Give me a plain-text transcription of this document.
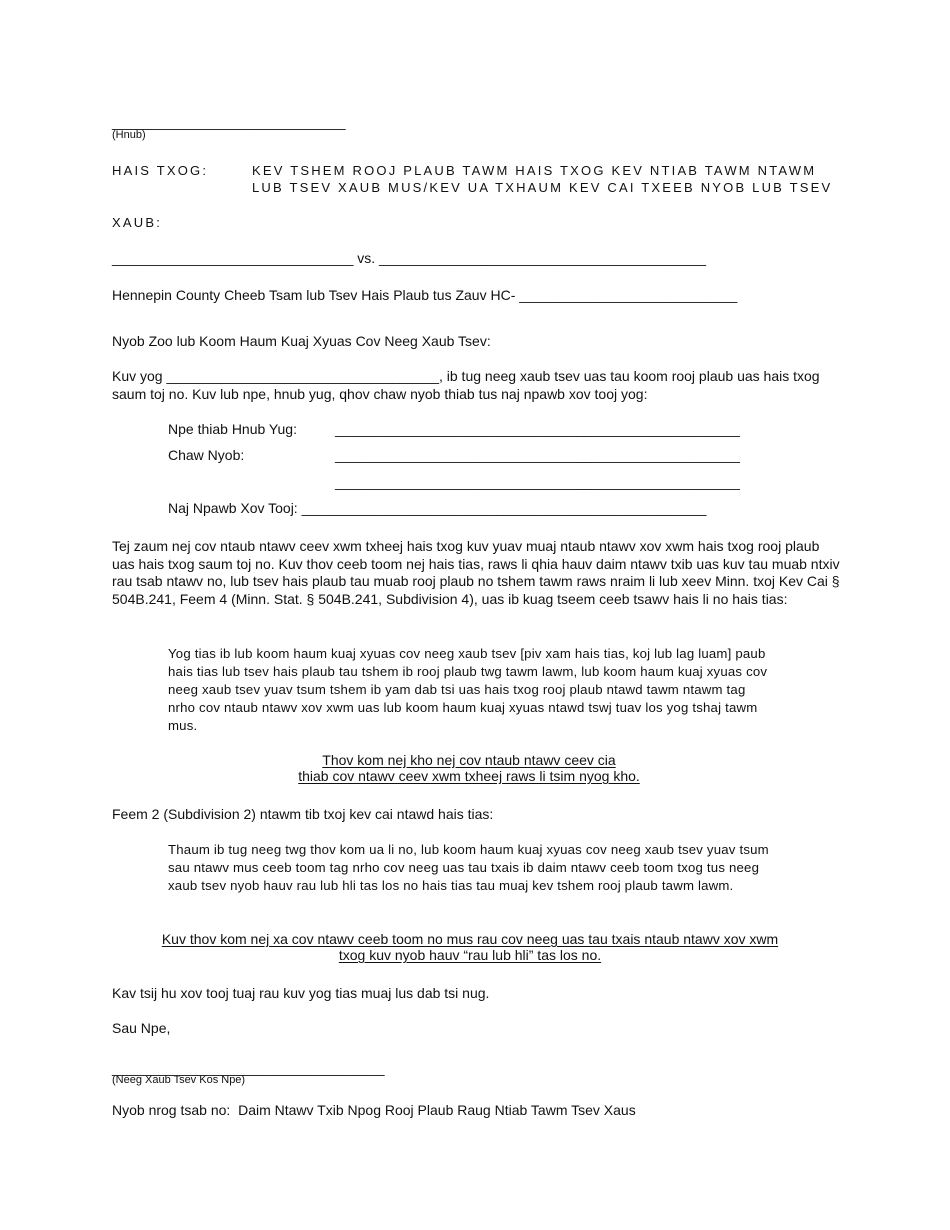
______________________________
(Hnub)
HAIS TXOG:	KEV TSHEM ROOJ PLAUB TAWM HAIS TXOG KEV NTIAB TAWM NTAWM
LUB TSEV XAUB MUS/KEV UA TXHAUM KEV CAI TXEEB NYOB LUB TSEV
XAUB:
_______________________________ vs. __________________________________________
Hennepin County Cheeb Tsam lub Tsev Hais Plaub tus Zauv HC- ____________________________
Nyob Zoo lub Koom Haum Kuaj Xyuas Cov Neeg Xaub Tsev:
Kuv yog ___________________________________, ib tug neeg xaub tsev uas tau koom rooj plaub uas hais txog saum toj no. Kuv lub npe, hnub yug, qhov chaw nyob thiab tus naj npawb xov tooj yog:
Npe thiab Hnub Yug:	____________________________________________________
Chaw Nyob:	____________________________________________________
____________________________________________________
Naj Npawb Xov Tooj: ____________________________________________________
Tej zaum nej cov ntaub ntawv ceev xwm txheej hais txog kuv yuav muaj ntaub ntawv xov xwm hais txog rooj plaub uas hais txog saum toj no. Kuv thov ceeb toom nej hais tias, raws li qhia hauv daim ntawv txib uas kuv tau muab ntxiv rau tsab ntawv no, lub tsev hais plaub tau muab rooj plaub no tshem tawm raws nraim li lub xeev Minn. txoj Kev Cai § 504B.241, Feem 4 (Minn. Stat. § 504B.241, Subdivision 4), uas ib kuag tseem ceeb tsawv hais li no hais tias:
Yog tias ib lub koom haum kuaj xyuas cov neeg xaub tsev [piv xam hais tias, koj lub lag luam] paub hais tias lub tsev hais plaub tau tshem ib rooj plaub twg tawm lawm, lub koom haum kuaj xyuas cov neeg xaub tsev yuav tsum tshem ib yam dab tsi uas hais txog rooj plaub ntawd tawm ntawm tag nrho cov ntaub ntawv xov xwm uas lub koom haum kuaj xyuas ntawd tswj tuav los yog tshaj tawm mus.
Thov kom nej kho nej cov ntaub ntawv ceev cia
thiab cov ntawv ceev xwm txheej raws li tsim nyog kho.
Feem 2 (Subdivision 2) ntawm tib txoj kev cai ntawd hais tias:
Thaum ib tug neeg twg thov kom ua li no, lub koom haum kuaj xyuas cov neeg xaub tsev yuav tsum sau ntawv mus ceeb toom tag nrho cov neeg uas tau txais ib daim ntawv ceeb toom txog tus neeg xaub tsev nyob hauv rau lub hli tas los no hais tias tau muaj kev tshem rooj plaub tawm lawm.
Kuv thov kom nej xa cov ntawv ceeb toom no mus rau cov neeg uas tau txais ntaub ntawv xov xwm
txog kuv nyob hauv “rau lub hli” tas los no.
Kav tsij hu xov tooj tuaj rau kuv yog tias muaj lus dab tsi nug.
Sau Npe,
___________________________________
(Neeg Xaub Tsev Kos Npe)
Nyob nrog tsab no: Daim Ntawv Txib Npog Rooj Plaub Raug Ntiab Tawm Tsev Xaus
